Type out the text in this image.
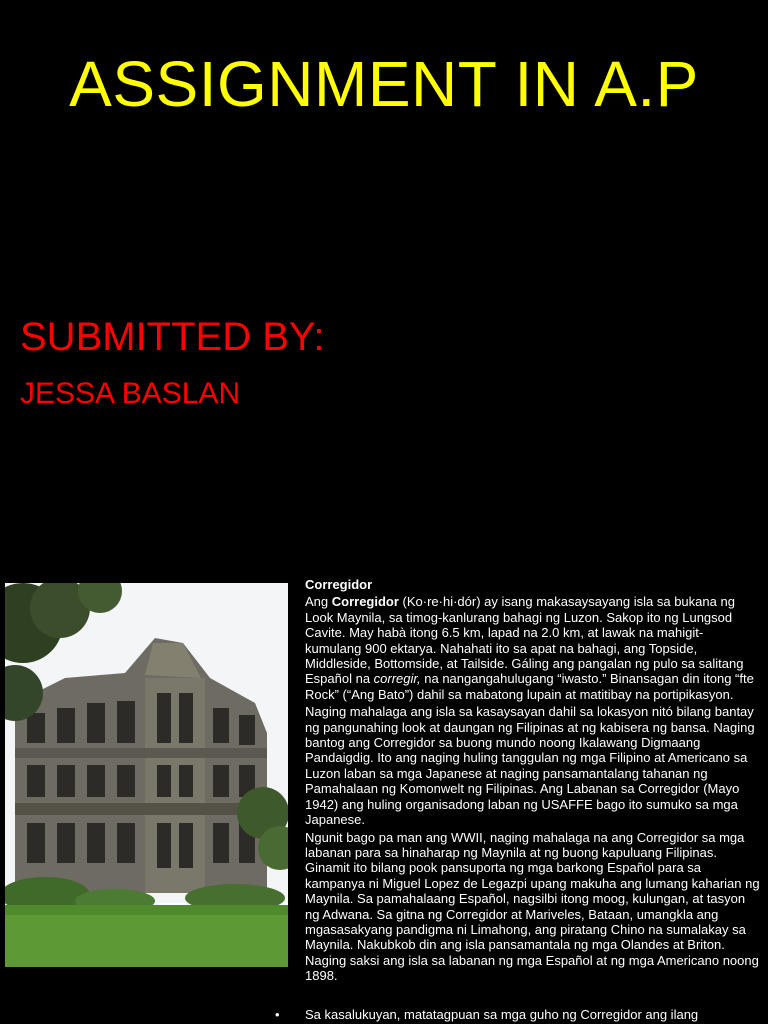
ASSIGNMENT IN A.P
SUBMITTED BY:
JESSA BASLAN
Corregidor

Ang Corregidor (Ko·re·hi·dór) ay isang makasaysayang isla sa bukana ng Look Maynila, sa timog-kanlurang bahagi ng Luzon. Sakop ito ng Lungsod Cavite. May habà itong 6.5 km, lapad na 2.0 km, at lawak na mahigit- kumulang 900 ektarya. Nahahati ito sa apat na bahagi, ang Topside, Middleside, Bottomside, at Tailside. Gáling ang pangalan ng pulo sa salitang Español na corregir, na nangangahulugang “iwasto.” Binansagan din itong “fte Rock” (“Ang Bato”) dahil sa mabatong lupain at matitibay na portipikasyon.

Naging mahalaga ang isla sa kasaysayan dahil sa lokasyon nitó bilang bantay ng pangunahing look at daungan ng Filipinas at ng kabisera ng bansa. Naging bantog ang Corregidor sa buong mundo noong Ikalawang Digmaang Pandaigdig. Ito ang naging huling tanggulan ng mga Filipino at Americano sa Luzon laban sa mga Japanese at naging pansamantalang tahanan ng Pamahalaan ng Komonwelt ng Filipinas. Ang Labanan sa Corregidor (Mayo 1942) ang huling organisadong laban ng USAFFE bago ito sumuko sa mga Japanese.

Ngunit bago pa man ang WWII, naging mahalaga na ang Corregidor sa mga labanan para sa hinaharap ng Maynila at ng buong kapuluang Filipinas. Ginamit ito bilang pook pansuporta ng mga barkong Español para sa kampanya ni Miguel Lopez de Legazpi upang makuha ang lumang kaharian ng Maynila. Sa pamahalaang Español, nagsilbi itong moog, kulungan, at tasyon ng Adwana. Sa gitna ng Corregidor at Mariveles, Bataan, umangkla ang mgasasakyang pandigma ni Limahong, ang piratang Chino na sumalakay sa Maynila. Nakubkob din ang isla pansamantala ng mga Olandes at Briton. Naging saksi ang isla sa labanan ng mga Español at ng mga Americano noong 1898.

• Sa kasalukuyan, matatagpuan sa mga guho ng Corregidor ang ilang
